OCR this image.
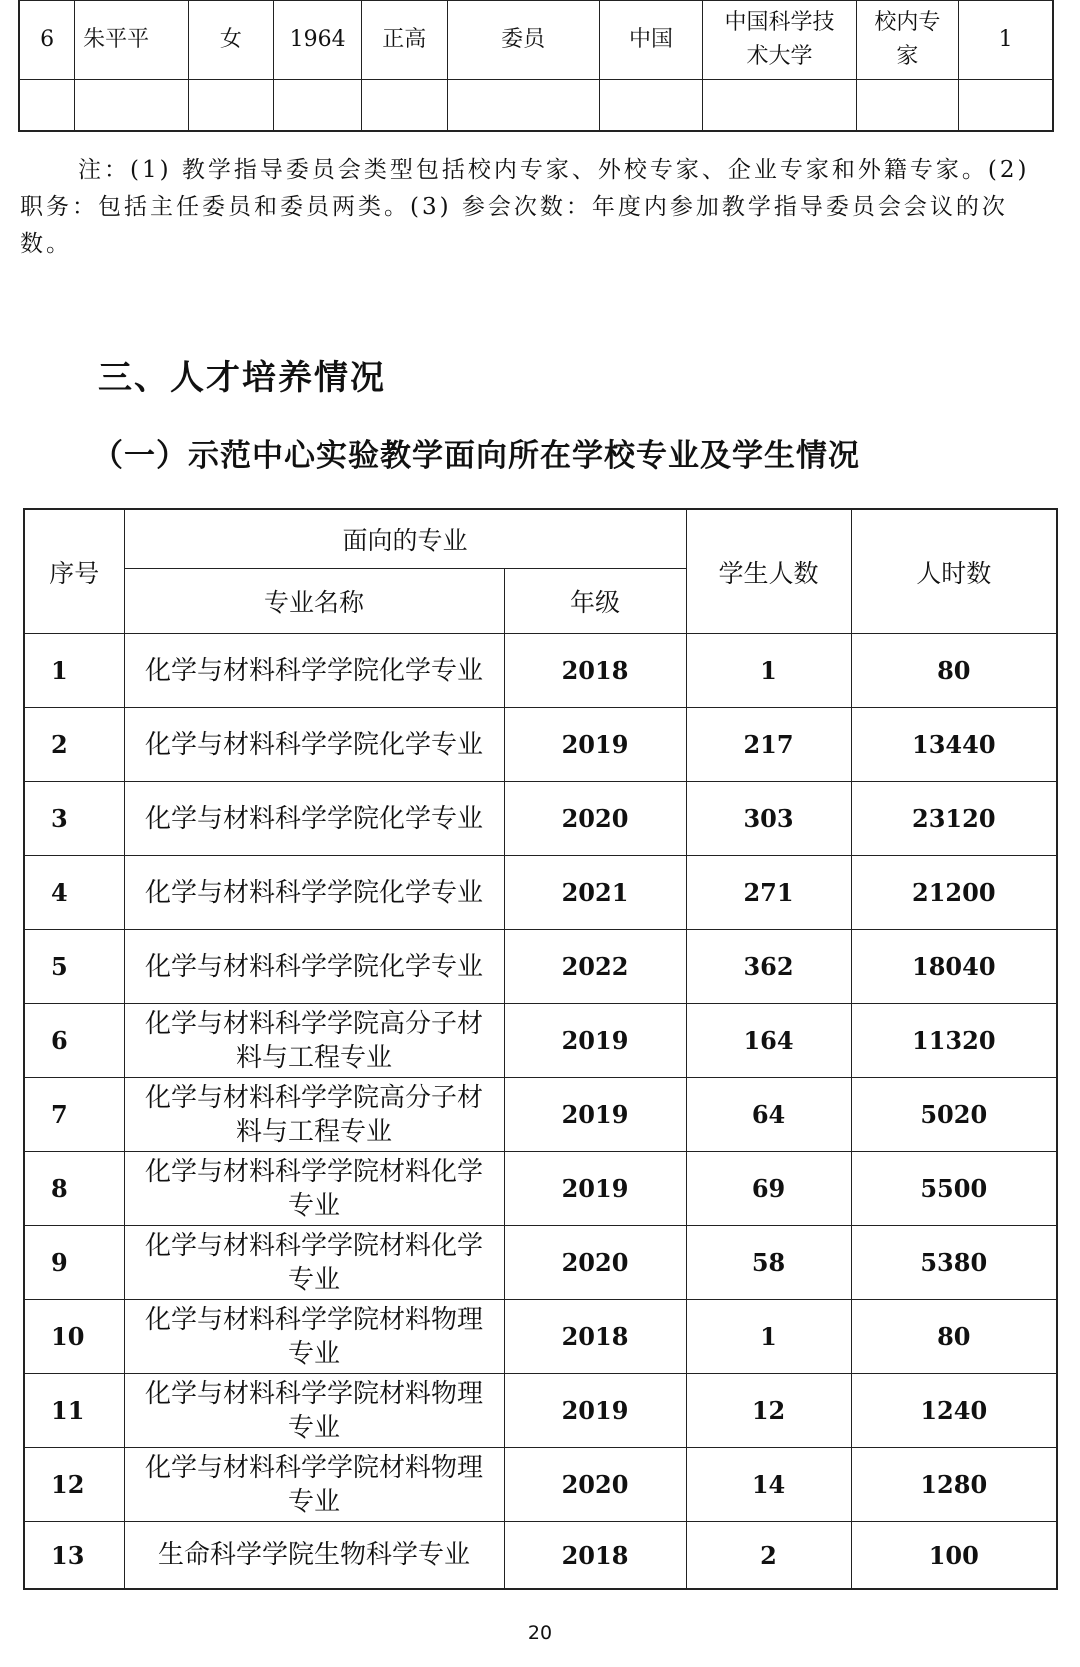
6	朱平平	女	1964	正高	委员	中国	中国科学技术大学	校内专家	1

注：(1) 教学指导委员会类型包括校内专家、外校专家、企业专家和外籍专家。(2) 职务：包括主任委员和委员两类。(3) 参会次数：年度内参加教学指导委员会会议的次数。

三、人才培养情况
（一）示范中心实验教学面向所在学校专业及学生情况
序号	面向的专业		学生人数	人时数
	专业名称	年级		
1	化学与材料科学学院化学专业	2018	1	80
2	化学与材料科学学院化学专业	2019	217	13440
3	化学与材料科学学院化学专业	2020	303	23120
4	化学与材料科学学院化学专业	2021	271	21200
5	化学与材料科学学院化学专业	2022	362	18040
6	化学与材料科学学院高分子材料与工程专业	2019	164	11320
7	化学与材料科学学院高分子材料与工程专业	2019	64	5020
8	化学与材料科学学院材料化学专业	2019	69	5500
9	化学与材料科学学院材料化学专业	2020	58	5380
10	化学与材料科学学院材料物理专业	2018	1	80
11	化学与材料科学学院材料物理专业	2019	12	1240
12	化学与材料科学学院材料物理专业	2020	14	1280
13	生命科学学院生物科学专业	2018	2	100
20
